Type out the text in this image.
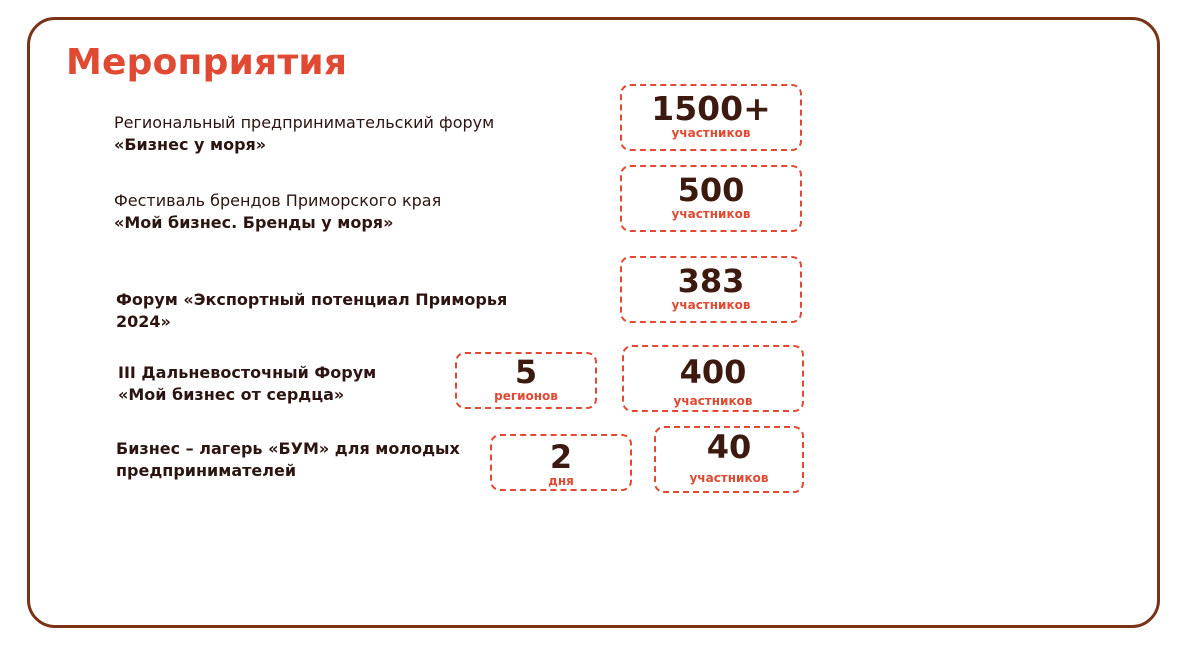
Мероприятия

Региональный предпринимательский форум
«Бизнес у моря»

1500+
участников

Фестиваль брендов Приморского края
«Мой бизнес. Бренды у моря»

500
участников

Форум «Экспортный потенциал Приморья
2024»

383
участников

III Дальневосточный Форум
«Мой бизнес от сердца»

5
регионов
400
участников

Бизнес – лагерь «БУМ» для молодых
предпринимателей	2
дня
40
участников
